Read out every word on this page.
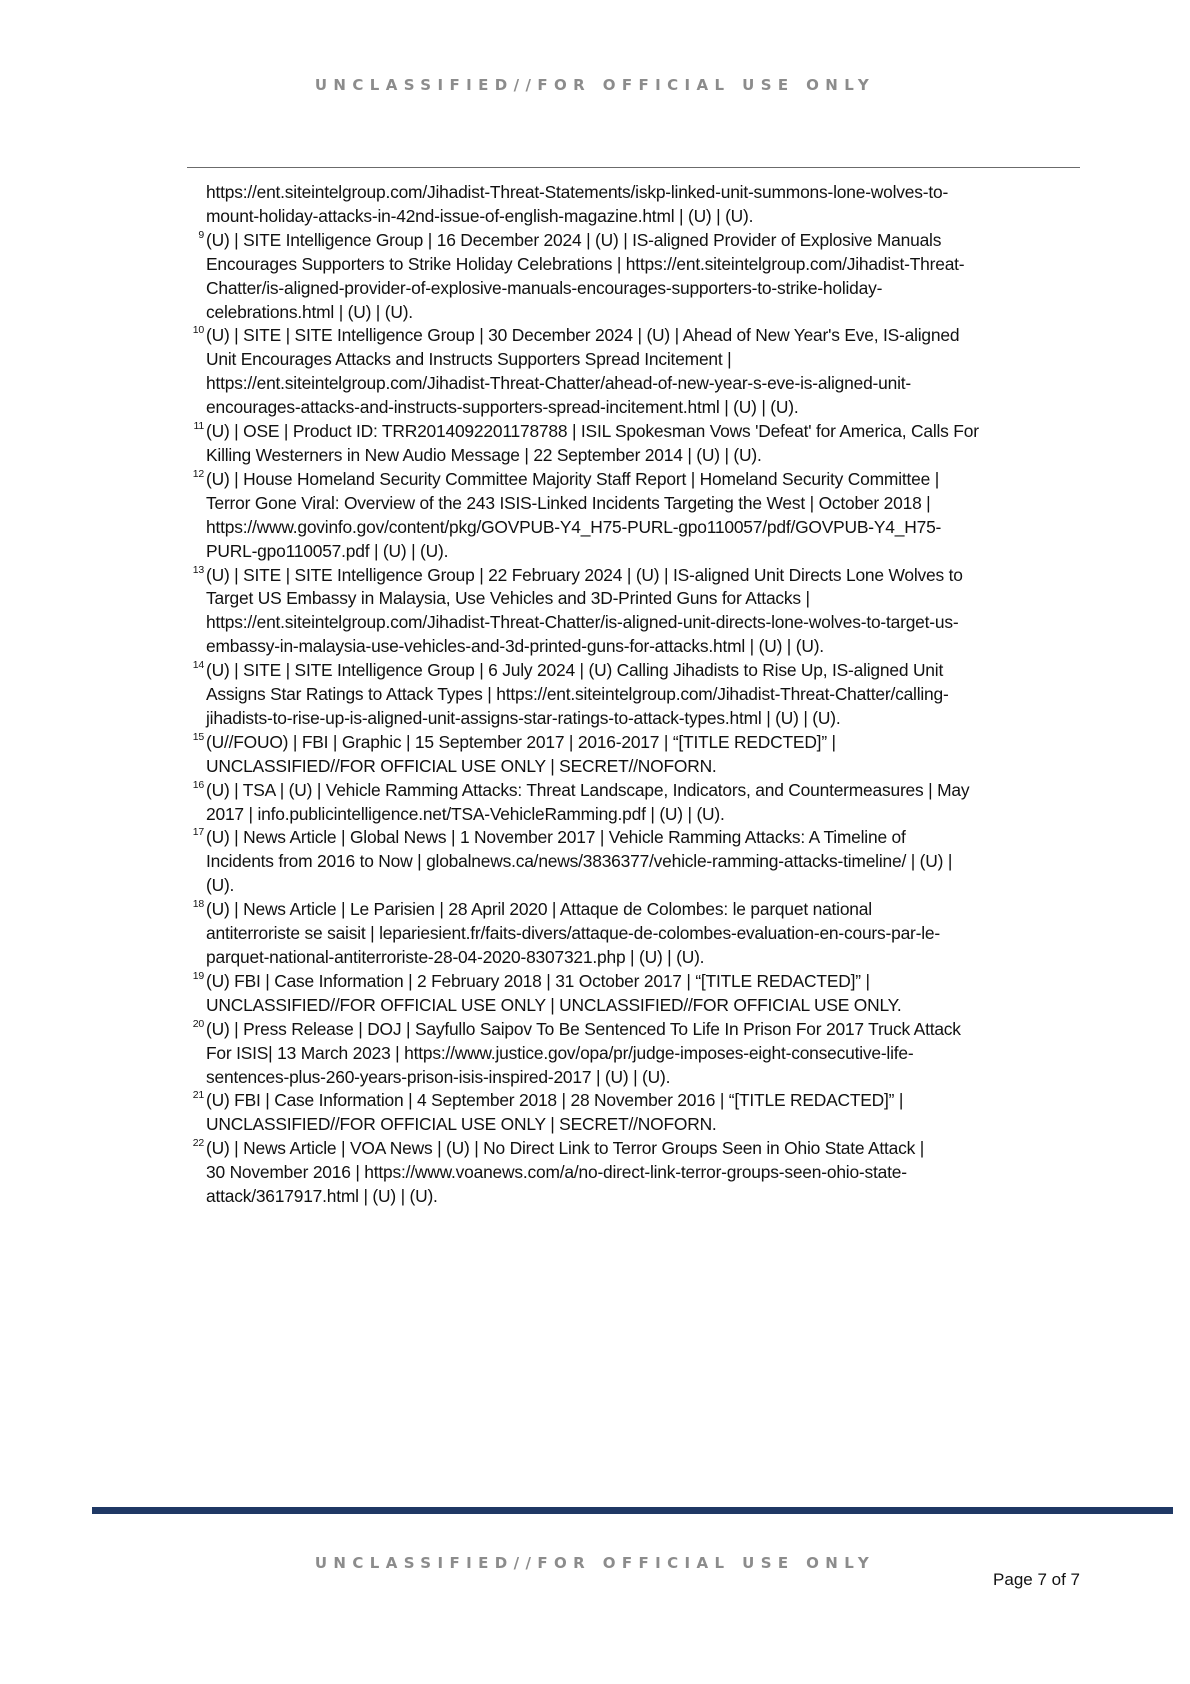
UNCLASSIFIED//FOR OFFICIAL USE ONLY
https://ent.siteintelgroup.com/Jihadist-Threat-Statements/iskp-linked-unit-summons-lone-wolves-to-
mount-holiday-attacks-in-42nd-issue-of-english-magazine.html | (U) | (U).
9 (U) | SITE Intelligence Group | 16 December 2024 | (U) | IS-aligned Provider of Explosive Manuals
Encourages Supporters to Strike Holiday Celebrations | https://ent.siteintelgroup.com/Jihadist-Threat-
Chatter/is-aligned-provider-of-explosive-manuals-encourages-supporters-to-strike-holiday-
celebrations.html | (U) | (U).
10 (U) | SITE | SITE Intelligence Group | 30 December 2024 | (U) | Ahead of New Year's Eve, IS-aligned
Unit Encourages Attacks and Instructs Supporters Spread Incitement |
https://ent.siteintelgroup.com/Jihadist-Threat-Chatter/ahead-of-new-year-s-eve-is-aligned-unit-
encourages-attacks-and-instructs-supporters-spread-incitement.html | (U) | (U).
11 (U) | OSE | Product ID: TRR20140922011787​88 | ISIL Spokesman Vows 'Defeat' for America, Calls For
Killing Westerners in New Audio Message | 22 September 2014 | (U) | (U).
12 (U) | House Homeland Security Committee Majority Staff Report | Homeland Security Committee |
Terror Gone Viral: Overview of the 243 ISIS-Linked Incidents Targeting the West | October 2018 |
https://www.govinfo.gov/content/pkg/GOVPUB-Y4_H75-PURL-gpo110057/pdf/GOVPUB-Y4_H75-
PURL-gpo110057.pdf | (U) | (U).
13 (U) | SITE | SITE Intelligence Group | 22 February 2024 | (U) | IS-aligned Unit Directs Lone Wolves to
Target US Embassy in Malaysia, Use Vehicles and 3D-Printed Guns for Attacks |
https://ent.siteintelgroup.com/Jihadist-Threat-Chatter/is-aligned-unit-directs-lone-wolves-to-target-us-
embassy-in-malaysia-use-vehicles-and-3d-printed-guns-for-attacks.html | (U) | (U).
14 (U) | SITE | SITE Intelligence Group | 6 July 2024 | (U) Calling Jihadists to Rise Up, IS-aligned Unit
Assigns Star Ratings to Attack Types | https://ent.siteintelgroup.com/Jihadist-Threat-Chatter/calling-
jihadists-to-rise-up-is-aligned-unit-assigns-star-ratings-to-attack-types.html | (U) | (U).
15 (U//FOUO) | FBI | Graphic | 15 September 2017 | 2016-2017 | “[TITLE REDCTED]” |
UNCLASSIFIED//FOR OFFICIAL USE ONLY | SECRET//NOFORN.
16 (U) | TSA | (U) | Vehicle Ramming Attacks: Threat Landscape, Indicators, and Countermeasures | May
2017 | info.publicintelligence.net/TSA-VehicleRamming.pdf | (U) | (U).
17 (U) | News Article | Global News | 1 November 2017 | Vehicle Ramming Attacks: A Timeline of
Incidents from 2016 to Now | globalnews.ca/news/3836377/vehicle-ramming-attacks-timeline/ | (U) |
(U).
18 (U) | News Article | Le Parisien | 28 April 2020 | Attaque de Colombes: le parquet national
antiterroriste se saisit | lepariesient.fr/faits-divers/attaque-de-colombes-evaluation-en-cours-par-le-
parquet-national-antiterroriste-28-04-2020-8307321.php | (U) | (U).
19 (U) FBI | Case Information | 2 February 2018 | 31 October 2017 | “[TITLE REDACTED]” |
UNCLASSIFIED//FOR OFFICIAL USE ONLY | UNCLASSIFIED//FOR OFFICIAL USE ONLY.
20 (U) | Press Release | DOJ | Sayfullo Saipov To Be Sentenced To Life In Prison For 2017 Truck Attack
For ISIS| 13 March 2023 | https://www.justice.gov/opa/pr/judge-imposes-eight-consecutive-life-
sentences-plus-260-years-prison-isis-inspired-2017 | (U) | (U).
21 (U) FBI | Case Information | 4 September 2018 | 28 November 2016 | “[TITLE REDACTED]” |
UNCLASSIFIED//FOR OFFICIAL USE ONLY | SECRET//NOFORN.
22 (U) | News Article | VOA News | (U) | No Direct Link to Terror Groups Seen in Ohio State Attack |
30 November 2016 | https://www.voanews.com/a/no-direct-link-terror-groups-seen-ohio-state-
attack/3617917.html | (U) | (U).
UNCLASSIFIED//FOR OFFICIAL USE ONLY
Page 7 of 7
